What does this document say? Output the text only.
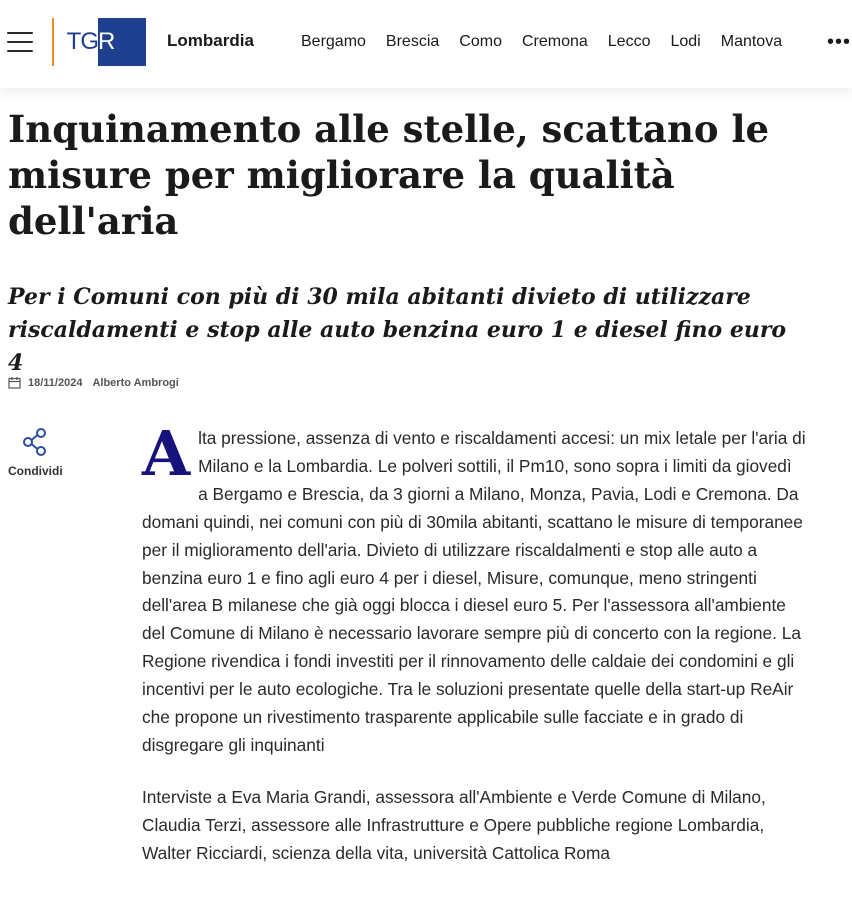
TG R	Lombardia	Bergamo Brescia Como Cremona Lecco Lodi Mantova •••
Inquinamento alle stelle, scattano le misure per migliorare la qualità dell'aria

Per i Comuni con più di 30 mila abitanti divieto di utilizzare riscaldamenti e stop alle auto benzina euro 1 e diesel fino euro 4

18/11/2024 Alberto Ambrogi
Condividi Alta pressione, assenza di vento e riscaldamenti accesi: un mix letale per l'aria di Milano e la Lombardia. Le polveri sottili, il Pm10, sono sopra i limiti da giovedì a Bergamo e Brescia, da 3 giorni a Milano, Monza, Pavia, Lodi e Cremona. Da domani quindi, nei comuni con più di 30mila abitanti, scattano le misure di temporanee per il miglioramento dell'aria. Divieto di utilizzare riscaldalmenti e stop alle auto a benzina euro 1 e fino agli euro 4 per i diesel, Misure, comunque, meno stringenti dell'area B milanese che già oggi blocca i diesel euro 5. Per l'assessora all'ambiente del Comune di Milano è necessario lavorare sempre più di concerto con la regione. La Regione rivendica i fondi investiti per il rinnovamento delle caldaie dei condomini e gli incentivi per le auto ecologiche. Tra le soluzioni presentate quelle della start-up ReAir che propone un rivestimento trasparente applicabile sulle facciate e in grado di disgregare gli inquinanti

Interviste a Eva Maria Grandi, assessora all'Ambiente e Verde Comune di Milano, Claudia Terzi, assessore alle Infrastrutture e Opere pubbliche regione Lombardia, Walter Ricciardi, scienza della vita, università Cattolica Roma
